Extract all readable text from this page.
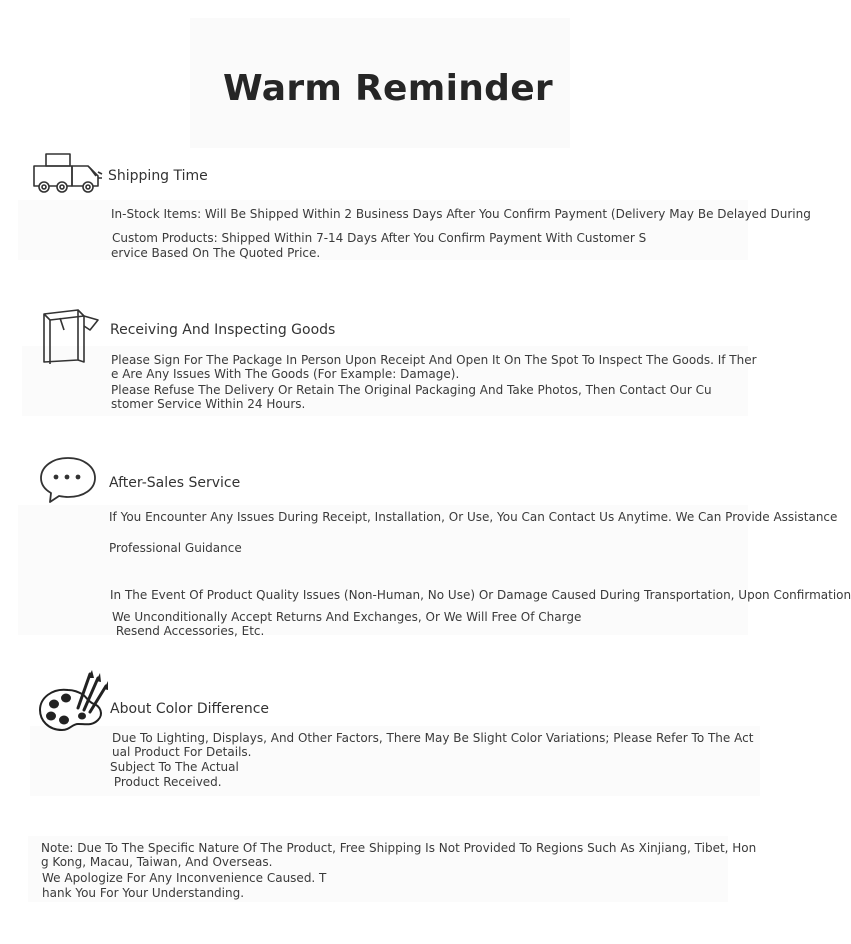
Warm Reminder
Shipping Time
In-Stock Items: Will Be Shipped Within 2 Business Days After You Confirm Payment (Delivery May Be Delayed During
Custom Products: Shipped Within 7-14 Days After You Confirm Payment With Customer S
ervice Based On The Quoted Price.
Receiving And Inspecting Goods
Please Sign For The Package In Person Upon Receipt And Open It On The Spot To Inspect The Goods. If Ther
e Are Any Issues With The Goods (For Example: Damage).
Please Refuse The Delivery Or Retain The Original Packaging And Take Photos, Then Contact Our Cu
stomer Service Within 24 Hours.
After-Sales Service
If You Encounter Any Issues During Receipt, Installation, Or Use, You Can Contact Us Anytime. We Can Provide Assistance
Professional Guidance
In The Event Of Product Quality Issues (Non-Human, No Use) Or Damage Caused During Transportation, Upon Confirmation
We Unconditionally Accept Returns And Exchanges, Or We Will Free Of Charge
Resend Accessories, Etc.
About Color Difference
Due To Lighting, Displays, And Other Factors, There May Be Slight Color Variations; Please Refer To The Act
ual Product For Details.
Subject To The Actual
Product Received.
Note: Due To The Specific Nature Of The Product, Free Shipping Is Not Provided To Regions Such As Xinjiang, Tibet, Hon
g Kong, Macau, Taiwan, And Overseas.
We Apologize For Any Inconvenience Caused. T
hank You For Your Understanding.
